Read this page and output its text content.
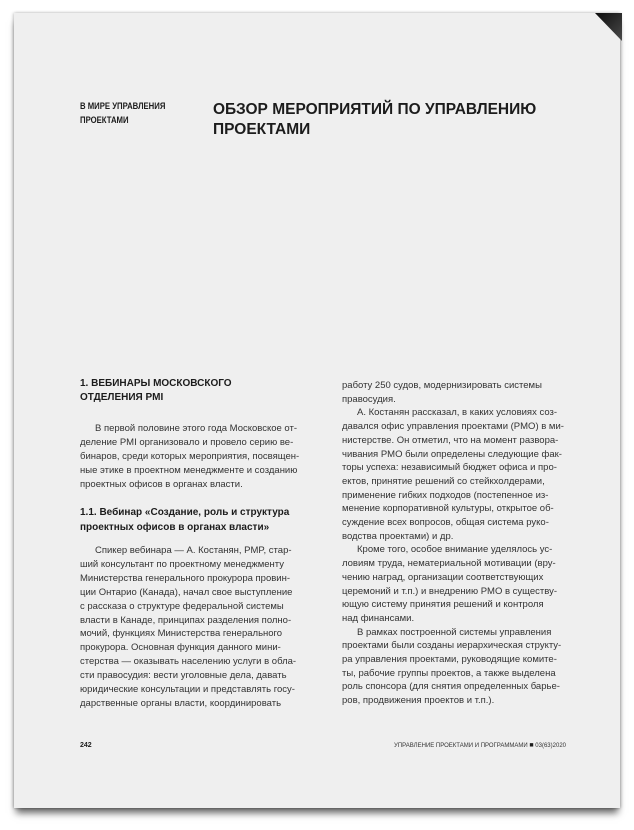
В МИРЕ УПРАВЛЕНИЯ
ПРОЕКТАМИ
ОБЗОР МЕРОПРИЯТИЙ ПО УПРАВЛЕНИЮ
ПРОЕКТАМИ
1. ВЕБИНАРЫ МОСКОВСКОГО
ОТДЕЛЕНИЯ PMI
В первой половине этого года Московское от-
деление PMI организовало и провело серию ве-
бинаров, среди которых мероприятия, посвящен-
ные этике в проектном менеджменте и созданию
проектных офисов в органах власти.
1.1. Вебинар «Создание, роль и структура
проектных офисов в органах власти»
Спикер вебинара — А. Костанян, PMP, стар-
ший консультант по проектному менеджменту
Министерства генерального прокурора провин-
ции Онтарио (Канада), начал свое выступление
с рассказа о структуре федеральной системы
власти в Канаде, принципах разделения полно-
мочий, функциях Министерства генерального
прокурора. Основная функция данного мини-
стерства — оказывать населению услуги в обла-
сти правосудия: вести уголовные дела, давать
юридические консультации и представлять госу-
дарственные органы власти, координировать
работу 250 судов, модернизировать системы
правосудия.
А. Костанян рассказал, в каких условиях соз-
давался офис управления проектами (PMO) в ми-
нистерстве. Он отметил, что на момент развора-
чивания PMO были определены следующие фак-
торы успеха: независимый бюджет офиса и про-
ектов, принятие решений со стейкхолдерами,
применение гибких подходов (постепенное из-
менение корпоративной культуры, открытое об-
суждение всех вопросов, общая система руко-
водства проектами) и др.
Кроме того, особое внимание уделялось ус-
ловиям труда, нематериальной мотивации (вру-
чению наград, организации соответствующих
церемоний и т.п.) и внедрению PMO в существу-
ющую систему принятия решений и контроля
над финансами.
В рамках построенной системы управления
проектами были созданы иерархическая структу-
ра управления проектами, руководящие комите-
ты, рабочие группы проектов, а также выделена
роль спонсора (для снятия определенных барье-
ров, продвижения проектов и т.п.).
242	УПРАВЛЕНИЕ ПРОЕКТАМИ И ПРОГРАММАМИ ■ 03(63)2020
